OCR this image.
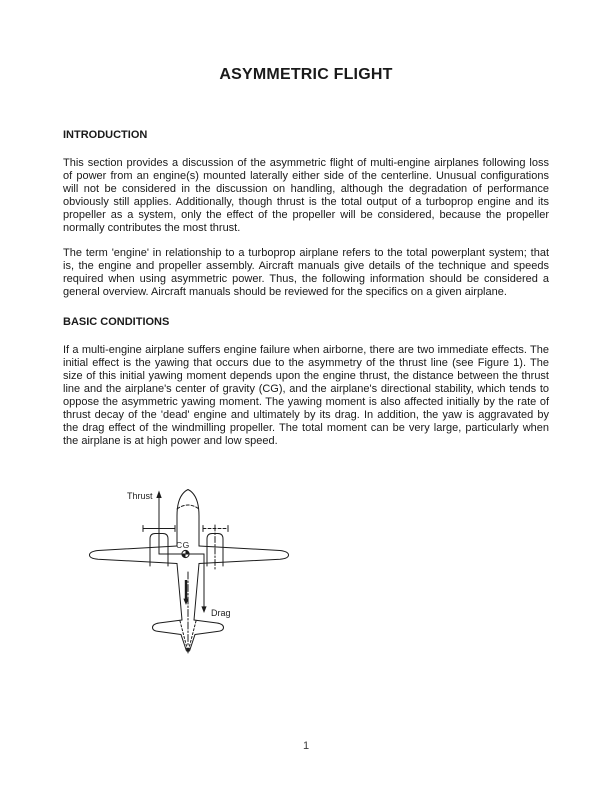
ASYMMETRIC FLIGHT
INTRODUCTION

This section provides a discussion of the asymmetric flight of multi-engine airplanes following loss of power from an engine(s) mounted laterally either side of the centerline. Unusual configurations will not be considered in the discussion on handling, although the degradation of performance obviously still applies. Additionally, though thrust is the total output of a turboprop engine and its propeller as a system, only the effect of the propeller will be considered, because the propeller normally contributes the most thrust.

The term 'engine' in relationship to a turboprop airplane refers to the total powerplant system; that is, the engine and propeller assembly. Aircraft manuals give details of the technique and speeds required when using asymmetric power. Thus, the following information should be considered a general overview. Aircraft manuals should be reviewed for the specifics on a given airplane.

BASIC CONDITIONS

If a multi-engine airplane suffers engine failure when airborne, there are two immediate effects. The initial effect is the yawing that occurs due to the asymmetry of the thrust line (see Figure 1). The size of this initial yawing moment depends upon the engine thrust, the distance between the thrust line and the airplane's center of gravity (CG), and the airplane's directional stability, which tends to oppose the asymmetric yawing moment. The yawing moment is also affected initially by the rate of thrust decay of the 'dead' engine and ultimately by its drag. In addition, the yaw is aggravated by the drag effect of the windmilling propeller. The total moment can be very large, particularly when the airplane is at high power and low speed.

Thrust
CG
Drag
1
